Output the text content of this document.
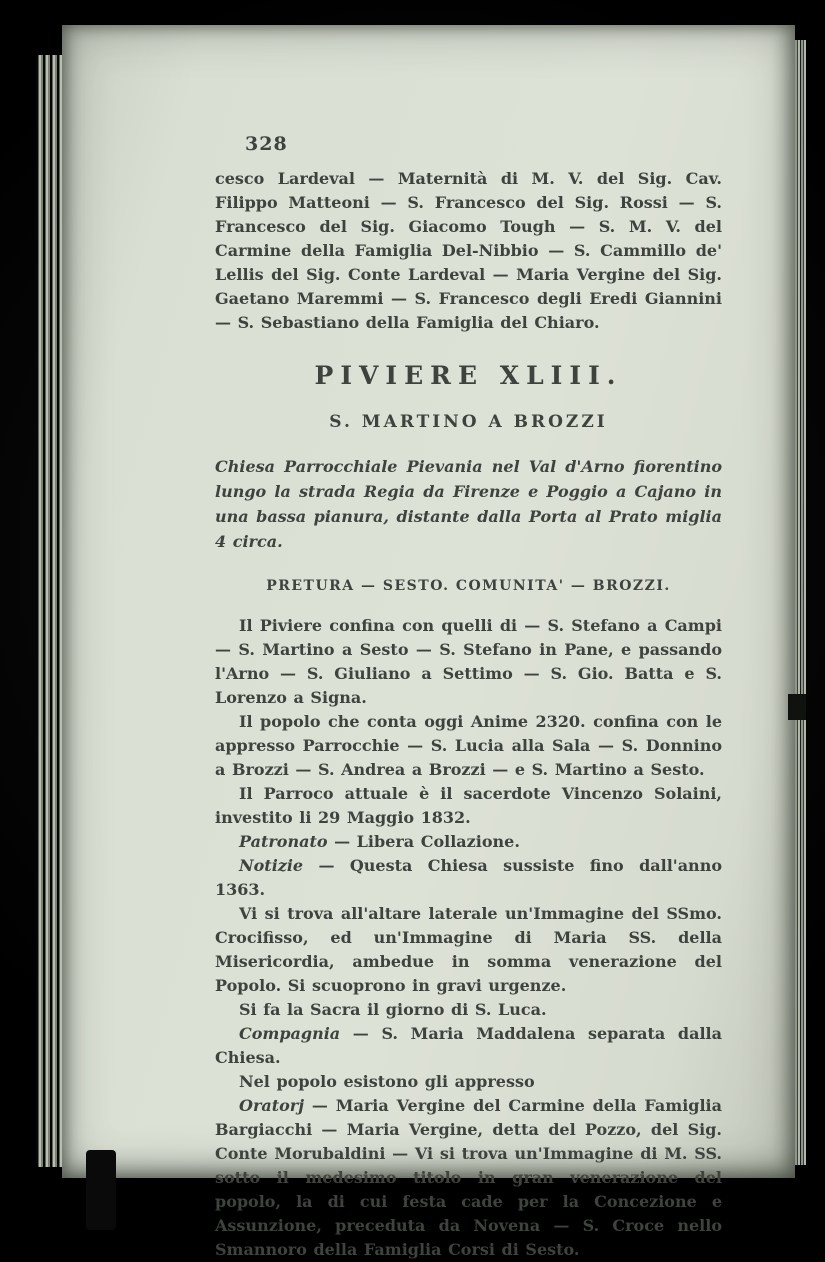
328

cesco Lardeval — Maternità di M. V. del Sig. Cav. Filippo Matteoni — S. Francesco del Sig. Rossi — S. Francesco del Sig. Giacomo Tough — S. M. V. del Carmine della Famiglia Del-Nibbio — S. Cammillo de' Lellis del Sig. Conte Lardeval — Maria Vergine del Sig. Gaetano Maremmi — S. Francesco degli Eredi Giannini — S. Sebastiano della Famiglia del Chiaro.

PIVIERE XLIII.
S. MARTINO A BROZZI

Chiesa Parrocchiale Pievania nel Val d'Arno fiorentino lungo la strada Regia da Firenze e Poggio a Cajano in una bassa pianura, distante dalla Porta al Prato miglia 4 circa.

PRETURA — SESTO. COMUNITA' — BROZZI.

Il Piviere confina con quelli di — S. Stefano a Campi — S. Martino a Sesto — S. Stefano in Pane, e passando l'Arno — S. Giuliano a Settimo — S. Gio. Batta e S. Lorenzo a Signa.

Il popolo che conta oggi Anime 2320. confina con le appresso Parrocchie — S. Lucia alla Sala — S. Donnino a Brozzi — S. Andrea a Brozzi — e S. Martino a Sesto.

Il Parroco attuale è il sacerdote Vincenzo Solaini, investito li 29 Maggio 1832.

Patronato — Libera Collazione.

Notizie — Questa Chiesa sussiste fino dall'anno 1363.

Vi si trova all'altare laterale un'Immagine del SSmo. Crocifisso, ed un'Immagine di Maria SS. della Misericordia, ambedue in somma venerazione del Popolo. Si scuoprono in gravi urgenze.

Si fa la Sacra il giorno di S. Luca.

Compagnia — S. Maria Maddalena separata dalla Chiesa.

Nel popolo esistono gli appresso

Oratorj — Maria Vergine del Carmine della Famiglia Bargiacchi — Maria Vergine, detta del Pozzo, del Sig. Conte Morubaldini — Vi si trova un'Immagine di M. SS. sotto il medesimo titolo in gran venerazione del popolo, la di cui festa cade per la Concezione e Assunzione, preceduta da Novena — S. Croce nello Smannoro della Famiglia Corsi di Sesto.
